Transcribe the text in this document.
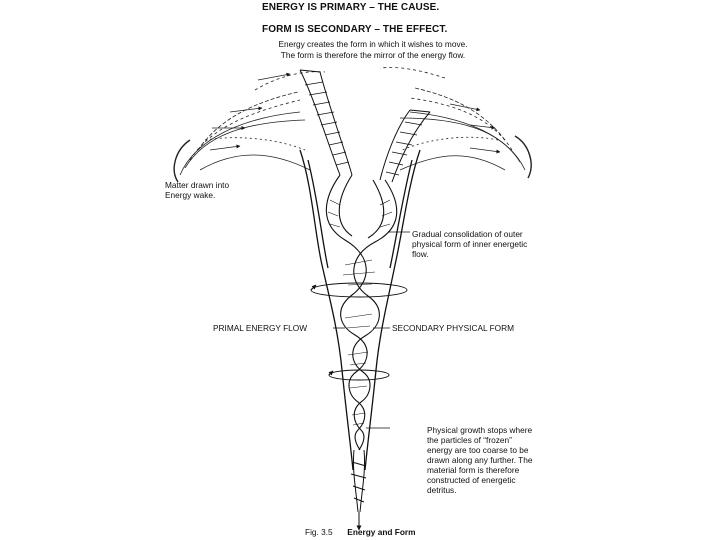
ENERGY IS PRIMARY – THE CAUSE.
FORM IS SECONDARY – THE EFFECT.
Energy creates the form in which it wishes to move.
The form is therefore the mirror of the energy flow.
Matter drawn into
Energy wake.
Gradual consolidation of outer
physical form of inner energetic
flow.
PRIMAL ENERGY FLOW	SECONDARY PHYSICAL FORM
Physical growth stops where
the particles of “frozen”
energy are too coarse to be
drawn along any further. The
material form is therefore
constructed of energetic
detritus.
Fig. 3.5 Energy and Form
